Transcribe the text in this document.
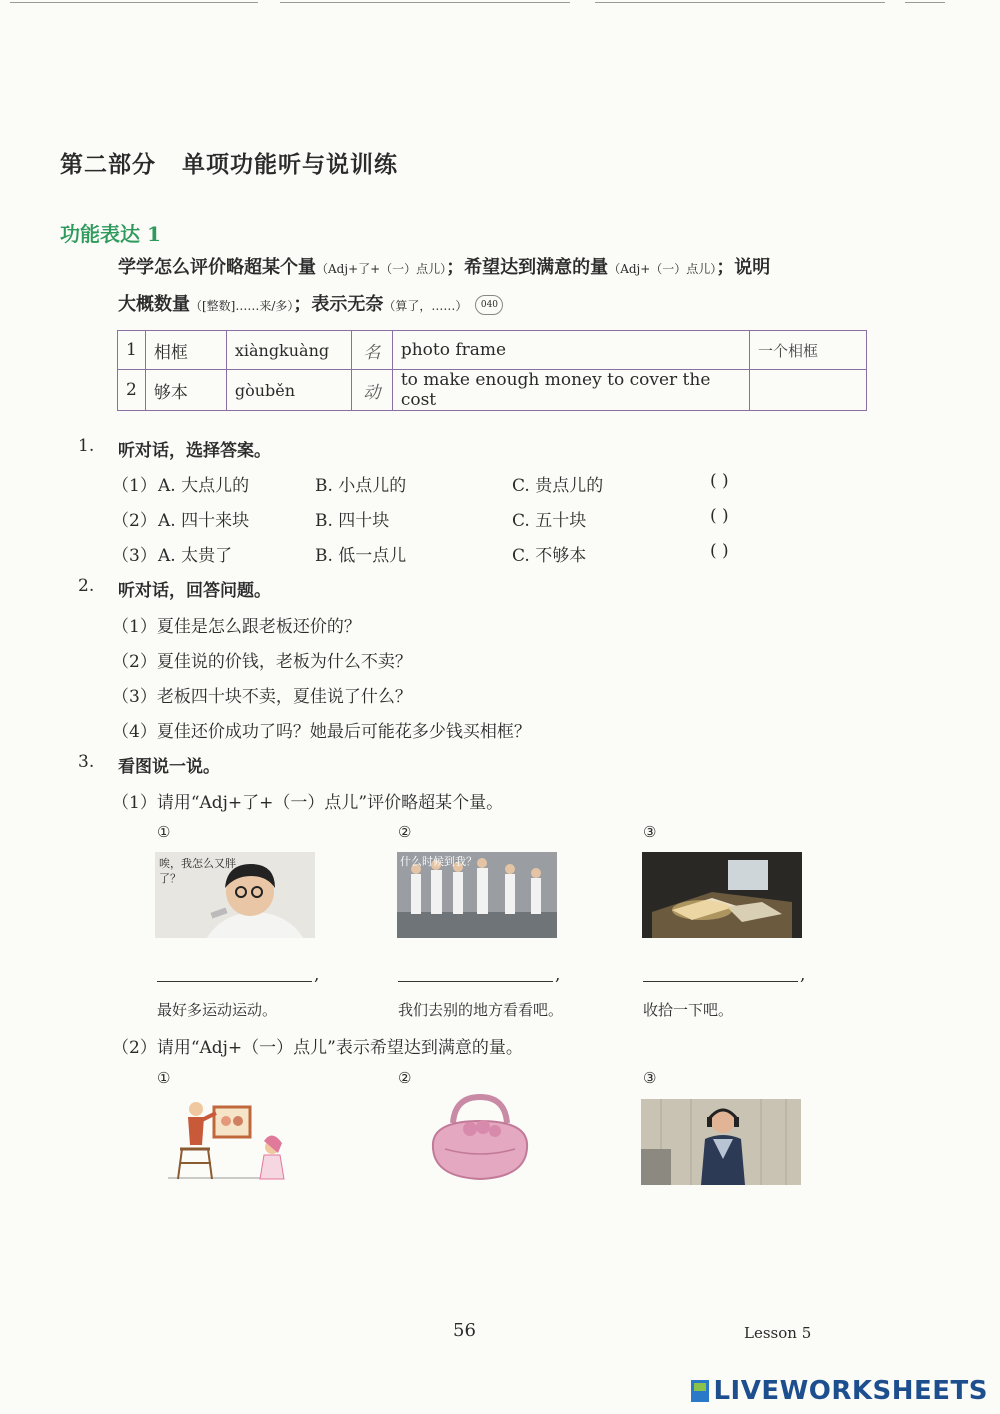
第二部分 单项功能听与说训练
功能表达 1
学学怎么评价略超某个量（Adj+了+（一）点儿）；希望达到满意的量（Adj+（一）点儿）；说明
大概数量（[整数]……来/多）；表示无奈（算了，……） 040
1	相框	xiàngkuàng	名	photo frame	一个相框
2	够本	gòuběn	动	to make enough money to cover the cost	
1. 听对话，选择答案。
（1） A. 大点儿的	B. 小点儿的	C. 贵点儿的	( )
（2） A. 四十来块	B. 四十块	C. 五十块	( )
（3） A. 太贵了	B. 低一点儿	C. 不够本	( )
2. 听对话，回答问题。
（1）夏佳是怎么跟老板还价的？
（2）夏佳说的价钱，老板为什么不卖？
（3）老板四十块不卖，夏佳说了什么？
（4）夏佳还价成功了吗？她最后可能花多少钱买相框？
3. 看图说一说。
（1）请用“Adj+了+（一）点儿”评价略超某个量。
①	②	③
唉，我怎么又胖了？
什么时候到我？
,	,	,
最好多运动运动。	我们去别的地方看看吧。	收拾一下吧。
（2）请用“Adj+（一）点儿”表示希望达到满意的量。
①	②	③
56	Lesson 5
LIVEWORKSHEETS
